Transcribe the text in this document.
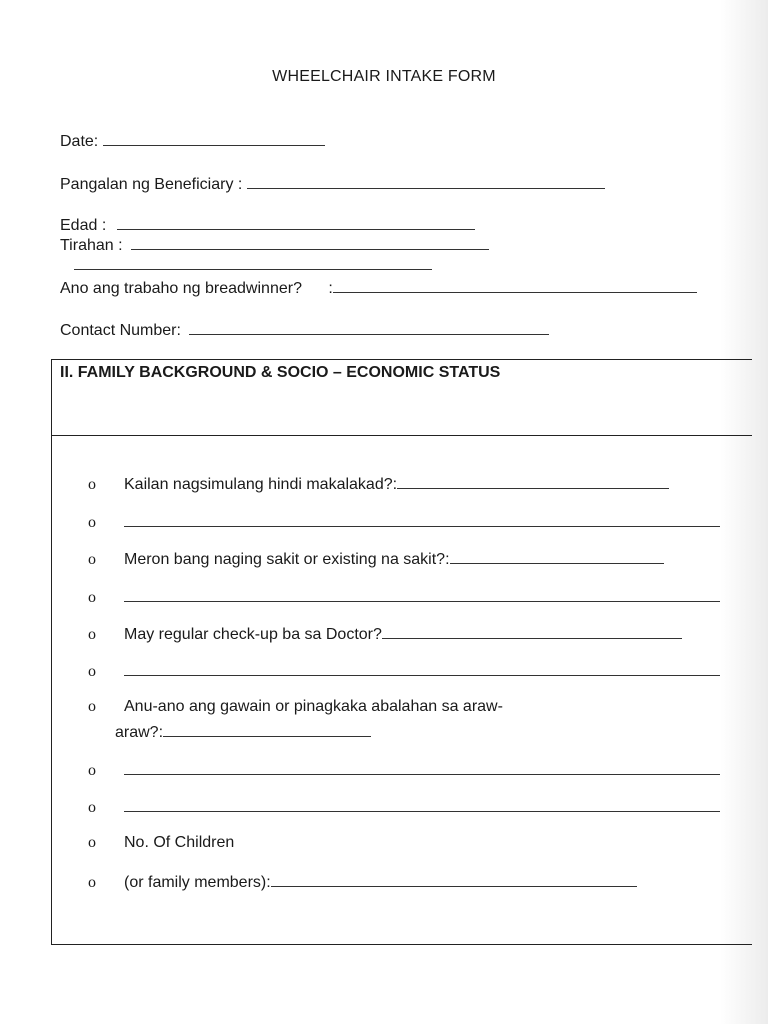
WHEELCHAIR INTAKE FORM
Date:
Pangalan ng Beneficiary :
Edad :
Tirahan :
Ano ang trabaho ng breadwinner? :
Contact Number:
II. FAMILY BACKGROUND & SOCIO – ECONOMIC STATUS
o Kailan nagsimulang hindi makalakad?:
o
o Meron bang naging sakit or existing na sakit?:
o
o May regular check-up ba sa Doctor?
o
o Anu-ano ang gawain or pinagkaka abalahan sa araw-
araw?:
o
o
o No. Of Children
o (or family members):
